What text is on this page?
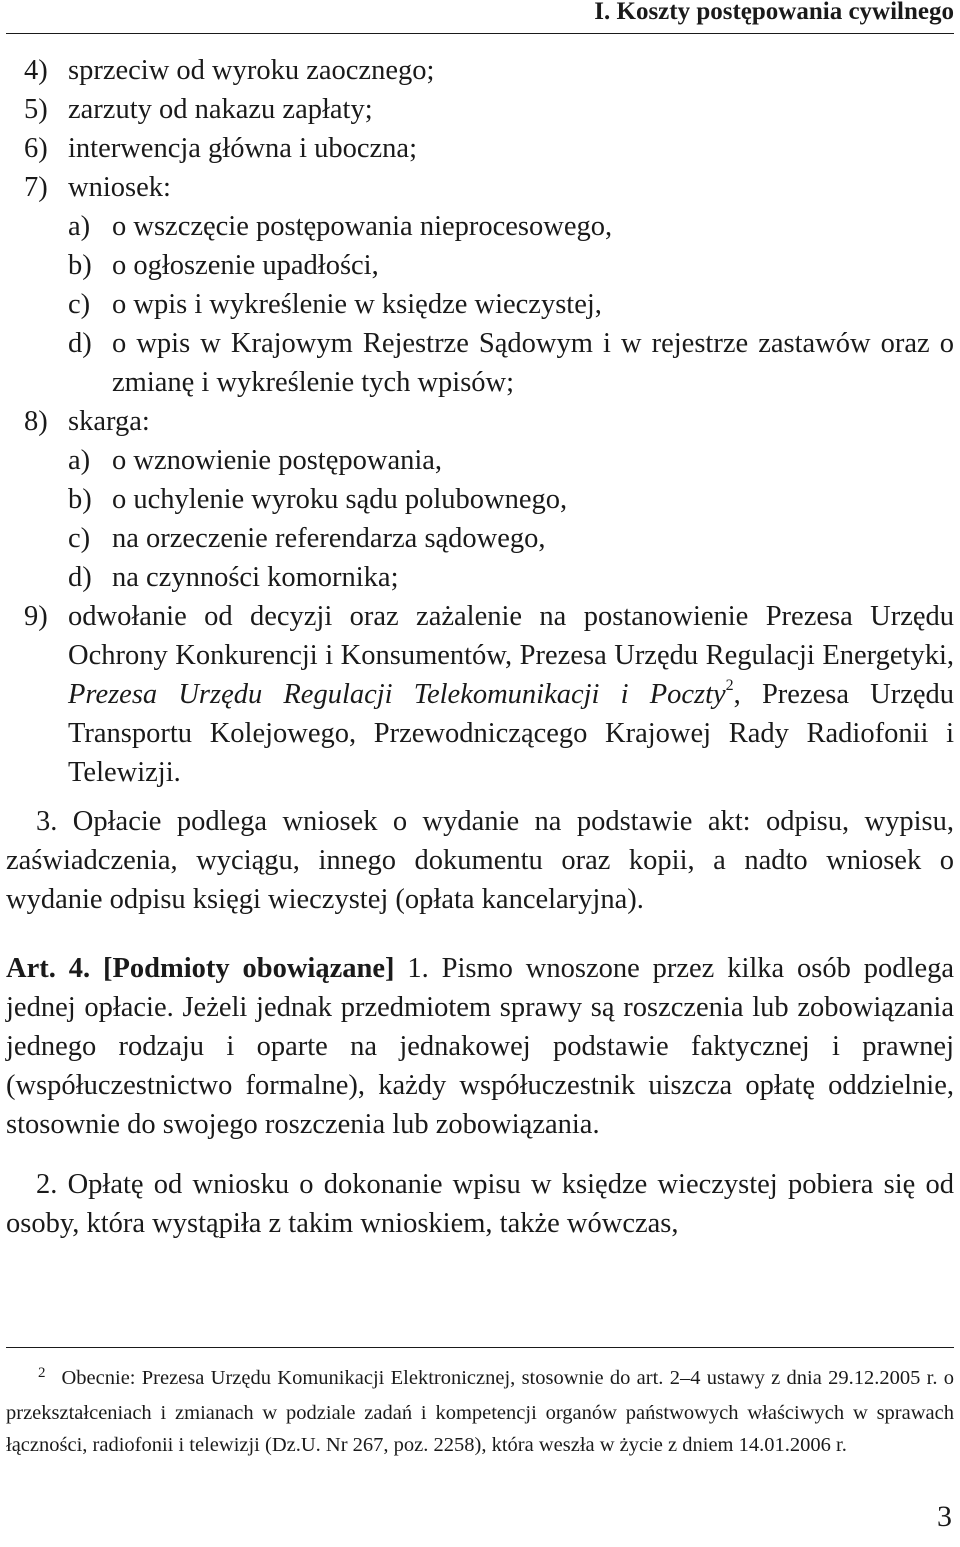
I. Koszty postępowania cywilnego
4) sprzeciw od wyroku zaocznego;
5) zarzuty od nakazu zapłaty;
6) interwencja główna i uboczna;
7) wniosek:
a) o wszczęcie postępowania nieprocesowego,
b) o ogłoszenie upadłości,
c) o wpis i wykreślenie w księdze wieczystej,
d) o wpis w Krajowym Rejestrze Sądowym i w rejestrze zastawów oraz o zmianę i wykreślenie tych wpisów;
8) skarga:
a) o wznowienie postępowania,
b) o uchylenie wyroku sądu polubownego,
c) na orzeczenie referendarza sądowego,
d) na czynności komornika;
9) odwołanie od decyzji oraz zażalenie na postanowienie Prezesa Urzędu Ochrony Konkurencji i Konsumentów, Prezesa Urzędu Regulacji Energetyki, Prezesa Urzędu Regulacji Telekomunikacji i Poczty$^2$, Prezesa Urzędu Transportu Kolejowego, Przewodniczącego Krajowej Rady Radiofonii i Telewizji.

3. Opłacie podlega wniosek o wydanie na podstawie akt: odpisu, wypisu, zaświadczenia, wyciągu, innego dokumentu oraz kopii, a nadto wniosek o wydanie odpisu księgi wieczystej (opłata kancelaryjna).

Art. 4. [Podmioty obowiązane] 1. Pismo wnoszone przez kilka osób podlega jednej opłacie. Jeżeli jednak przedmiotem sprawy są roszczenia lub zobowiązania jednego rodzaju i oparte na jednakowej podstawie faktycznej i prawnej (współuczestnictwo formalne), każdy współuczestnik uiszcza opłatę oddzielnie, stosownie do swojego roszczenia lub zobowiązania.

2. Opłatę od wniosku o dokonanie wpisu w księdze wieczystej pobiera się od osoby, która wystąpiła z takim wnioskiem, także wówczas,

$^2$ Obecnie: Prezesa Urzędu Komunikacji Elektronicznej, stosownie do art. 2–4 ustawy z dnia 29.12.2005 r. o przekształceniach i zmianach w podziale zadań i kompetencji organów państwowych właściwych w sprawach łączności, radiofonii i telewizji (Dz.U. Nr 267, poz. 2258), która weszła w życie z dniem 14.01.2006 r.
3
